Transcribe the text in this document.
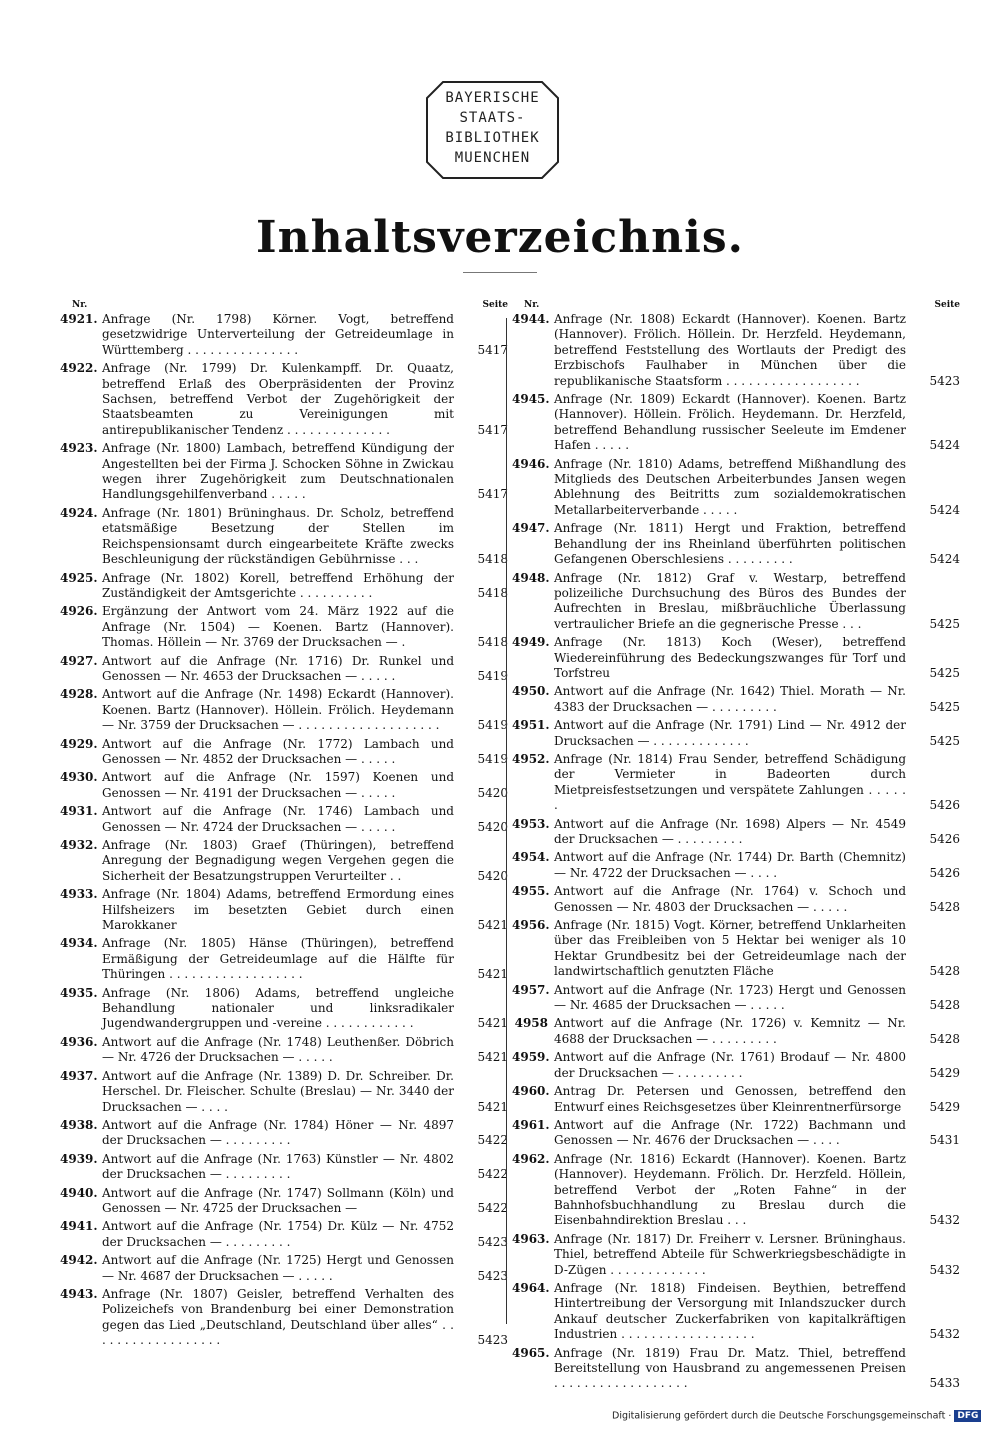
BAYERISCHE
STAATS-
BIBLIOTHEK
MUENCHEN
Inhaltsverzeichnis.
Nr.	Seite
4921. Anfrage (Nr. 1798) Körner. Vogt, betreffend gesetzwidrige Unterverteilung der Getreideumlage in Württemberg . . . . . . . . . . . . . . .	5417
4922. Anfrage (Nr. 1799) Dr. Kulenkampff. Dr. Quaatz, betreffend Erlaß des Oberpräsidenten der Provinz Sachsen, betreffend Verbot der Zugehörigkeit der Staatsbeamten zu Vereinigungen mit antirepublikanischer Tendenz . . . . . . . . . . . . . .	5417
4923. Anfrage (Nr. 1800) Lambach, betreffend Kündigung der Angestellten bei der Firma J. Schocken Söhne in Zwickau wegen ihrer Zugehörigkeit zum Deutschnationalen Handlungsgehilfenverband . . . . .	5417
4924. Anfrage (Nr. 1801) Brüninghaus. Dr. Scholz, betreffend etatsmäßige Besetzung der Stellen im Reichspensionsamt durch eingearbeitete Kräfte zwecks Beschleunigung der rückständigen Gebührnisse . . .	5418
4925. Anfrage (Nr. 1802) Korell, betreffend Erhöhung der Zuständigkeit der Amtsgerichte . . . . . . . . . .	5418
4926. Ergänzung der Antwort vom 24. März 1922 auf die Anfrage (Nr. 1504) — Koenen. Bartz (Hannover). Thomas. Höllein — Nr. 3769 der Drucksachen — .	5418
4927. Antwort auf die Anfrage (Nr. 1716) Dr. Runkel und Genossen — Nr. 4653 der Drucksachen — . . . . .	5419
4928. Antwort auf die Anfrage (Nr. 1498) Eckardt (Hannover). Koenen. Bartz (Hannover). Höllein. Frölich. Heydemann — Nr. 3759 der Drucksachen — . . . . . . . . . . . . . . . . . . .	5419
4929. Antwort auf die Anfrage (Nr. 1772) Lambach und Genossen — Nr. 4852 der Drucksachen — . . . . .	5419
4930. Antwort auf die Anfrage (Nr. 1597) Koenen und Genossen — Nr. 4191 der Drucksachen — . . . . .	5420
4931. Antwort auf die Anfrage (Nr. 1746) Lambach und Genossen — Nr. 4724 der Drucksachen — . . . . .	5420
4932. Anfrage (Nr. 1803) Graef (Thüringen), betreffend Anregung der Begnadigung wegen Vergehen gegen die Sicherheit der Besatzungstruppen Verurteilter . .	5420
4933. Anfrage (Nr. 1804) Adams, betreffend Ermordung eines Hilfsheizers im besetzten Gebiet durch einen Marokkaner	5421
4934. Anfrage (Nr. 1805) Hänse (Thüringen), betreffend Ermäßigung der Getreideumlage auf die Hälfte für Thüringen . . . . . . . . . . . . . . . . . .	5421
4935. Anfrage (Nr. 1806) Adams, betreffend ungleiche Behandlung nationaler und linksradikaler Jugendwandergruppen und -vereine . . . . . . . . . . . .	5421
4936. Antwort auf die Anfrage (Nr. 1748) Leuthenßer. Döbrich — Nr. 4726 der Drucksachen — . . . . .	5421
4937. Antwort auf die Anfrage (Nr. 1389) D. Dr. Schreiber. Dr. Herschel. Dr. Fleischer. Schulte (Breslau) — Nr. 3440 der Drucksachen — . . . .	5421
4938. Antwort auf die Anfrage (Nr. 1784) Höner — Nr. 4897 der Drucksachen — . . . . . . . . .	5422
4939. Antwort auf die Anfrage (Nr. 1763) Künstler — Nr. 4802 der Drucksachen — . . . . . . . . .	5422
4940. Antwort auf die Anfrage (Nr. 1747) Sollmann (Köln) und Genossen — Nr. 4725 der Drucksachen —	5422
4941. Antwort auf die Anfrage (Nr. 1754) Dr. Külz — Nr. 4752 der Drucksachen — . . . . . . . . .	5423
4942. Antwort auf die Anfrage (Nr. 1725) Hergt und Genossen — Nr. 4687 der Drucksachen — . . . . .	5423
4943. Anfrage (Nr. 1807) Geisler, betreffend Verhalten des Polizeichefs von Brandenburg bei einer Demonstration gegen das Lied „Deutschland, Deutschland über alles“ . . . . . . . . . . . . . . . . . .	5423
Nr.	Seite
4944. Anfrage (Nr. 1808) Eckardt (Hannover). Koenen. Bartz (Hannover). Frölich. Höllein. Dr. Herzfeld. Heydemann, betreffend Feststellung des Wortlauts der Predigt des Erzbischofs Faulhaber in München über die republikanische Staatsform . . . . . . . . . . . . . . . . . .	5423
4945. Anfrage (Nr. 1809) Eckardt (Hannover). Koenen. Bartz (Hannover). Höllein. Frölich. Heydemann. Dr. Herzfeld, betreffend Behandlung russischer Seeleute im Emdener Hafen . . . . .	5424
4946. Anfrage (Nr. 1810) Adams, betreffend Mißhandlung des Mitglieds des Deutschen Arbeiterbundes Jansen wegen Ablehnung des Beitritts zum sozialdemokratischen Metallarbeiterverbande . . . . .	5424
4947. Anfrage (Nr. 1811) Hergt und Fraktion, betreffend Behandlung der ins Rheinland überführten politischen Gefangenen Oberschlesiens . . . . . . . . .	5424
4948. Anfrage (Nr. 1812) Graf v. Westarp, betreffend polizeiliche Durchsuchung des Büros des Bundes der Aufrechten in Breslau, mißbräuchliche Überlassung vertraulicher Briefe an die gegnerische Presse . . .	5425
4949. Anfrage (Nr. 1813) Koch (Weser), betreffend Wiedereinführung des Bedeckungszwanges für Torf und Torfstreu	5425
4950. Antwort auf die Anfrage (Nr. 1642) Thiel. Morath — Nr. 4383 der Drucksachen — . . . . . . . . .	5425
4951. Antwort auf die Anfrage (Nr. 1791) Lind — Nr. 4912 der Drucksachen — . . . . . . . . . . . . .	5425
4952. Anfrage (Nr. 1814) Frau Sender, betreffend Schädigung der Vermieter in Badeorten durch Mietpreisfestsetzungen und verspätete Zahlungen . . . . . .	5426
4953. Antwort auf die Anfrage (Nr. 1698) Alpers — Nr. 4549 der Drucksachen — . . . . . . . . .	5426
4954. Antwort auf die Anfrage (Nr. 1744) Dr. Barth (Chemnitz) — Nr. 4722 der Drucksachen — . . . .	5426
4955. Antwort auf die Anfrage (Nr. 1764) v. Schoch und Genossen — Nr. 4803 der Drucksachen — . . . . .	5428
4956. Anfrage (Nr. 1815) Vogt. Körner, betreffend Unklarheiten über das Freibleiben von 5 Hektar bei weniger als 10 Hektar Grundbesitz bei der Getreideumlage nach der landwirtschaftlich genutzten Fläche	5428
4957. Antwort auf die Anfrage (Nr. 1723) Hergt und Genossen — Nr. 4685 der Drucksachen — . . . . .	5428
4958 Antwort auf die Anfrage (Nr. 1726) v. Kemnitz — Nr. 4688 der Drucksachen — . . . . . . . . .	5428
4959. Antwort auf die Anfrage (Nr. 1761) Brodauf — Nr. 4800 der Drucksachen — . . . . . . . . .	5429
4960. Antrag Dr. Petersen und Genossen, betreffend den Entwurf eines Reichsgesetzes über Kleinrentnerfürsorge	5429
4961. Antwort auf die Anfrage (Nr. 1722) Bachmann und Genossen — Nr. 4676 der Drucksachen — . . . .	5431
4962. Anfrage (Nr. 1816) Eckardt (Hannover). Koenen. Bartz (Hannover). Heydemann. Frölich. Dr. Herzfeld. Höllein, betreffend Verbot der „Roten Fahne“ in der Bahnhofsbuchhandlung zu Breslau durch die Eisenbahndirektion Breslau . . .	5432
4963. Anfrage (Nr. 1817) Dr. Freiherr v. Lersner. Brüninghaus. Thiel, betreffend Abteile für Schwerkriegsbeschädigte in D-Zügen . . . . . . . . . . . . .	5432
4964. Anfrage (Nr. 1818) Findeisen. Beythien, betreffend Hintertreibung der Versorgung mit Inlandszucker durch Ankauf deutscher Zuckerfabriken von kapitalkräftigen Industrien . . . . . . . . . . . . . . . . . .	5432
4965. Anfrage (Nr. 1819) Frau Dr. Matz. Thiel, betreffend Bereitstellung von Hausbrand zu angemessenen Preisen . . . . . . . . . . . . . . . . . .	5433
Digitalisierung gefördert durch die Deutsche Forschungsgemeinschaft · DFG
